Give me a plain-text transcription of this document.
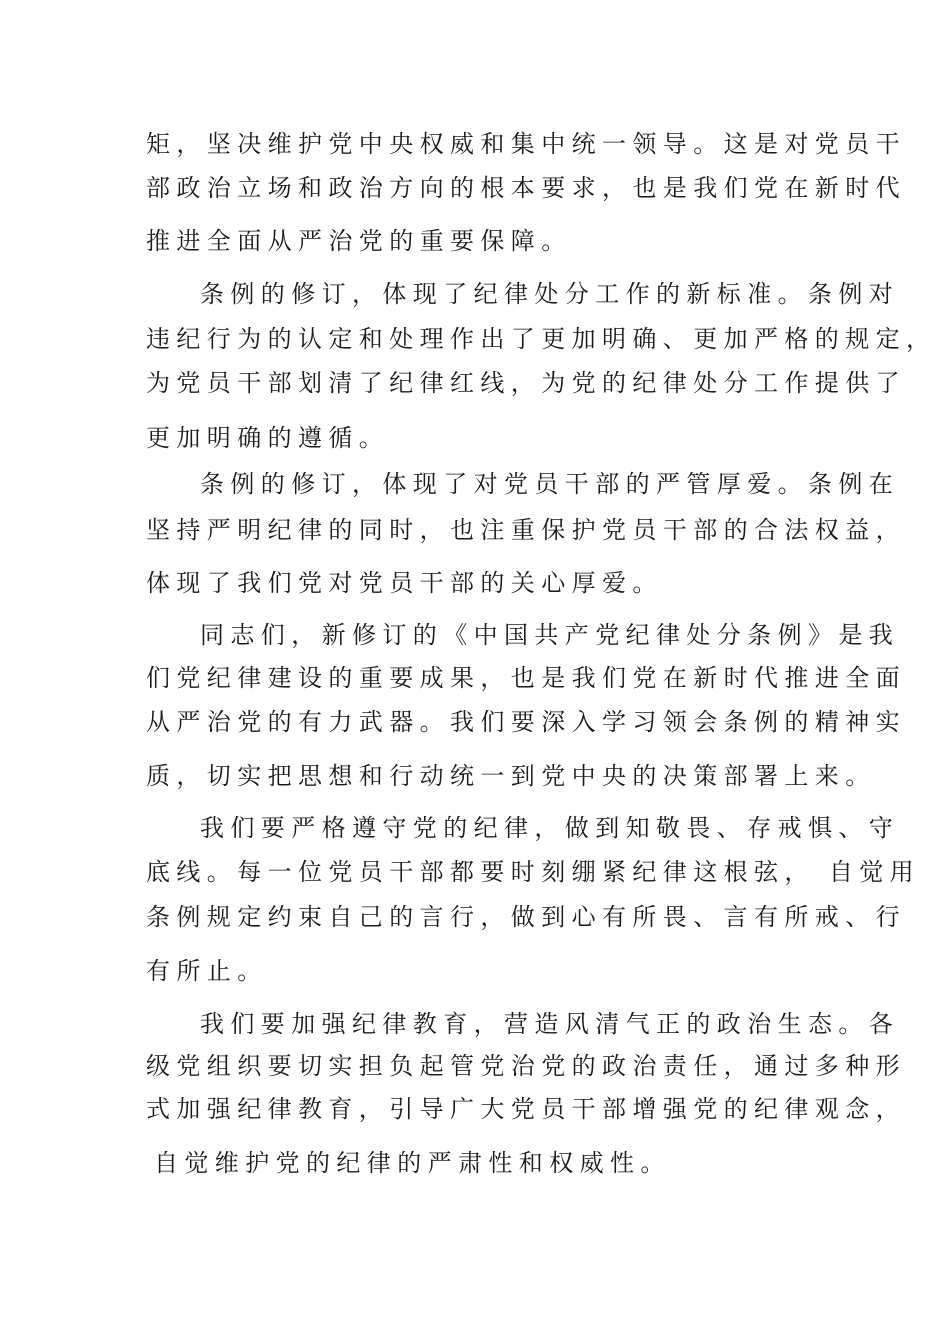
矩，坚决维护党中央权威和集中统一领导。这是对党员干
部政治立场和政治方向的根本要求，也是我们党在新时代
推进全面从严治党的重要保障。
条例的修订，体现了纪律处分工作的新标准。条例对
违纪行为的认定和处理作出了更加明确、更加严格的规定，
为党员干部划清了纪律红线，为党的纪律处分工作提供了
更加明确的遵循。
条例的修订，体现了对党员干部的严管厚爱。条例在
坚持严明纪律的同时，也注重保护党员干部的合法权益，
体现了我们党对党员干部的关心厚爱。
同志们，新修订的《中国共产党纪律处分条例》是我
们党纪律建设的重要成果，也是我们党在新时代推进全面
从严治党的有力武器。我们要深入学习领会条例的精神实
质，切实把思想和行动统一到党中央的决策部署上来。
我们要严格遵守党的纪律，做到知敬畏、存戒惧、守
底线。每一位党员干部都要时刻绷紧纪律这根弦， 自觉用
条例规定约束自己的言行，做到心有所畏、言有所戒、行
有所止。
我们要加强纪律教育，营造风清气正的政治生态。各
级党组织要切实担负起管党治党的政治责任，通过多种形
式加强纪律教育，引导广大党员干部增强党的纪律观念，
自觉维护党的纪律的严肃性和权威性。
